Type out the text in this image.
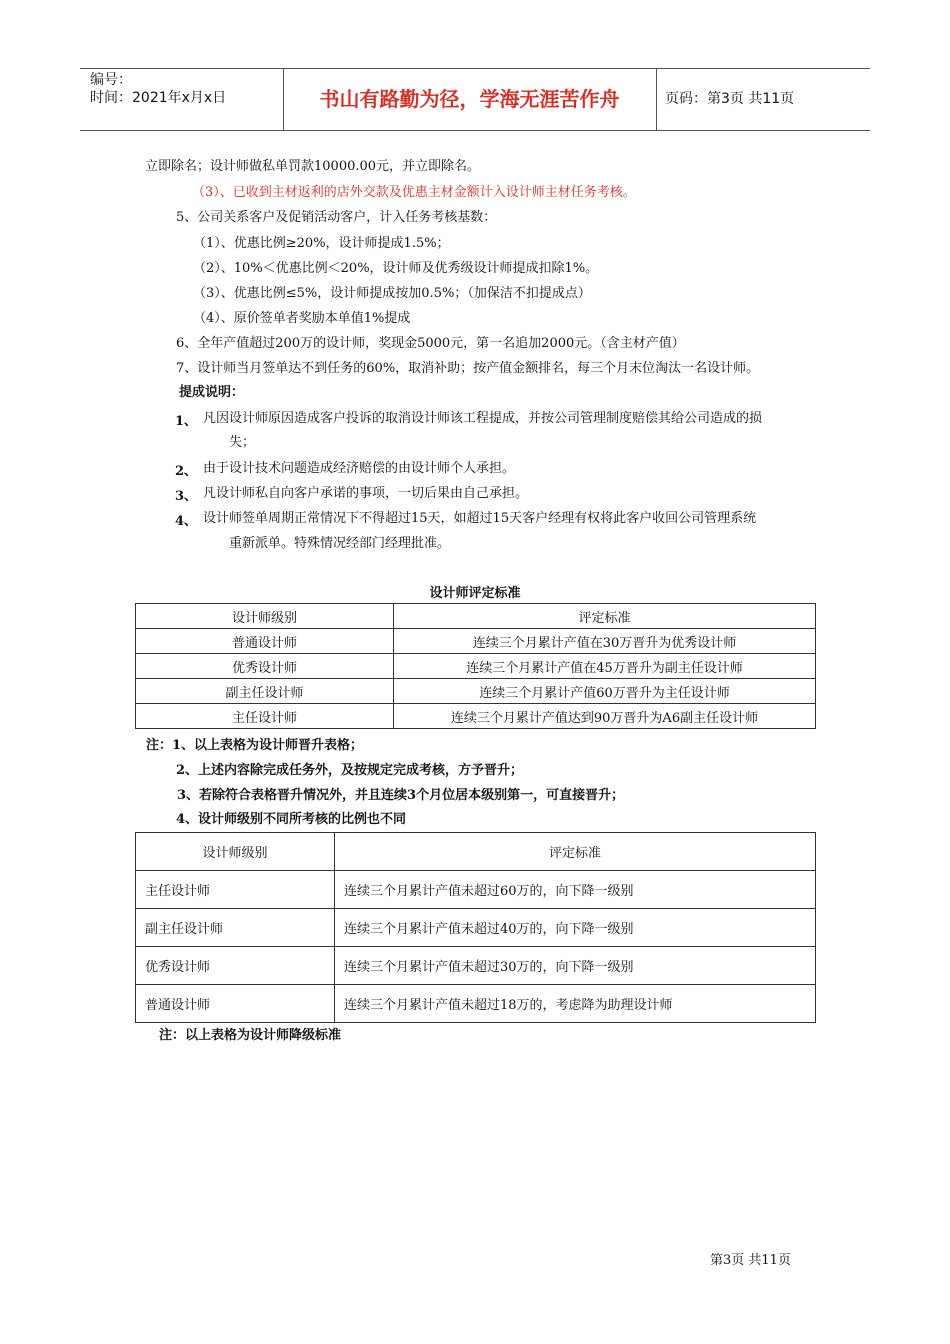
编号：
时间：2021年x月x日	书山有路勤为径，学海无涯苦作舟	页码：第3页 共11页
立即除名；设计师做私单罚款10000.00元，并立即除名。
（3）、已收到主材返利的店外交款及优惠主材金额计入设计师主材任务考核。
5、公司关系客户及促销活动客户，计入任务考核基数：
（1）、优惠比例≥20%，设计师提成1.5%；
（2）、10%＜优惠比例＜20%，设计师及优秀级设计师提成扣除1%。
（3）、优惠比例≤5%，设计师提成按加0.5%；（加保洁不扣提成点）
（4）、原价签单者奖励本单值1%提成
6、全年产值超过200万的设计师，奖现金5000元，第一名追加2000元。（含主材产值）
7、设计师当月签单达不到任务的60%，取消补助；按产值金额排名，每三个月末位淘汰一名设计师。
提成说明：
1、 凡因设计师原因造成客户投诉的取消设计师该工程提成，并按公司管理制度赔偿其给公司造成的损
失；
2、 由于设计技术问题造成经济赔偿的由设计师个人承担。
3、 凡设计师私自向客户承诺的事项，一切后果由自己承担。
4、 设计师签单周期正常情况下不得超过15天，如超过15天客户经理有权将此客户收回公司管理系统
重新派单。特殊情况经部门经理批准。
设计师评定标准
设计师级别	评定标准
普通设计师	连续三个月累计产值在30万晋升为优秀设计师
优秀设计师	连续三个月累计产值在45万晋升为副主任设计师
副主任设计师	连续三个月累计产值60万晋升为主任设计师
主任设计师	连续三个月累计产值达到90万晋升为A6副主任设计师
注：1、以上表格为设计师晋升表格；
2、上述内容除完成任务外，及按规定完成考核，方予晋升；
3、若除符合表格晋升情况外，并且连续3个月位居本级别第一，可直接晋升；
4、设计师级别不同所考核的比例也不同
设计师级别	评定标准
主任设计师	连续三个月累计产值未超过60万的，向下降一级别
副主任设计师	连续三个月累计产值未超过40万的，向下降一级别
优秀设计师	连续三个月累计产值未超过30万的，向下降一级别
普通设计师	连续三个月累计产值未超过18万的，考虑降为助理设计师
注：以上表格为设计师降级标准
第3页 共11页
